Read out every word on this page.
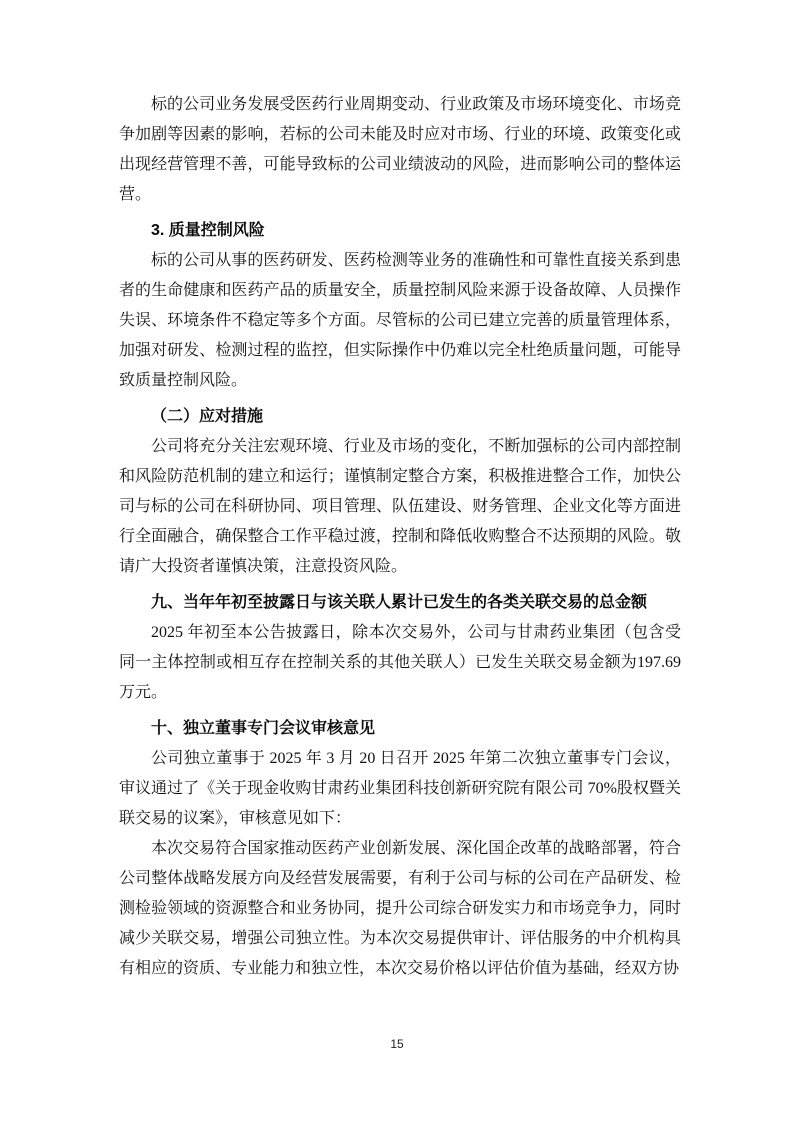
标的公司业务发展受医药行业周期变动、行业政策及市场环境变化、市场竞争加剧等因素的影响，若标的公司未能及时应对市场、行业的环境、政策变化或出现经营管理不善，可能导致标的公司业绩波动的风险，进而影响公司的整体运营。

3. 质量控制风险

标的公司从事的医药研发、医药检测等业务的准确性和可靠性直接关系到患者的生命健康和医药产品的质量安全，质量控制风险来源于设备故障、人员操作失误、环境条件不稳定等多个方面。尽管标的公司已建立完善的质量管理体系，加强对研发、检测过程的监控，但实际操作中仍难以完全杜绝质量问题，可能导致质量控制风险。

（二）应对措施

公司将充分关注宏观环境、行业及市场的变化，不断加强标的公司内部控制和风险防范机制的建立和运行；谨慎制定整合方案，积极推进整合工作，加快公司与标的公司在科研协同、项目管理、队伍建设、财务管理、企业文化等方面进行全面融合，确保整合工作平稳过渡，控制和降低收购整合不达预期的风险。敬请广大投资者谨慎决策，注意投资风险。

九、当年年初至披露日与该关联人累计已发生的各类关联交易的总金额

2025 年初至本公告披露日，除本次交易外，公司与甘肃药业集团（包含受同一主体控制或相互存在控制关系的其他关联人）已发生关联交易金额为197.69 万元。

十、独立董事专门会议审核意见

公司独立董事于 2025 年 3 月 20 日召开 2025 年第二次独立董事专门会议，审议通过了《关于现金收购甘肃药业集团科技创新研究院有限公司 70%股权暨关联交易的议案》，审核意见如下：

本次交易符合国家推动医药产业创新发展、深化国企改革的战略部署，符合公司整体战略发展方向及经营发展需要，有利于公司与标的公司在产品研发、检测检验领域的资源整合和业务协同，提升公司综合研发实力和市场竞争力，同时减少关联交易，增强公司独立性。为本次交易提供审计、评估服务的中介机构具有相应的资质、专业能力和独立性，本次交易价格以评估价值为基础，经双方协

15
